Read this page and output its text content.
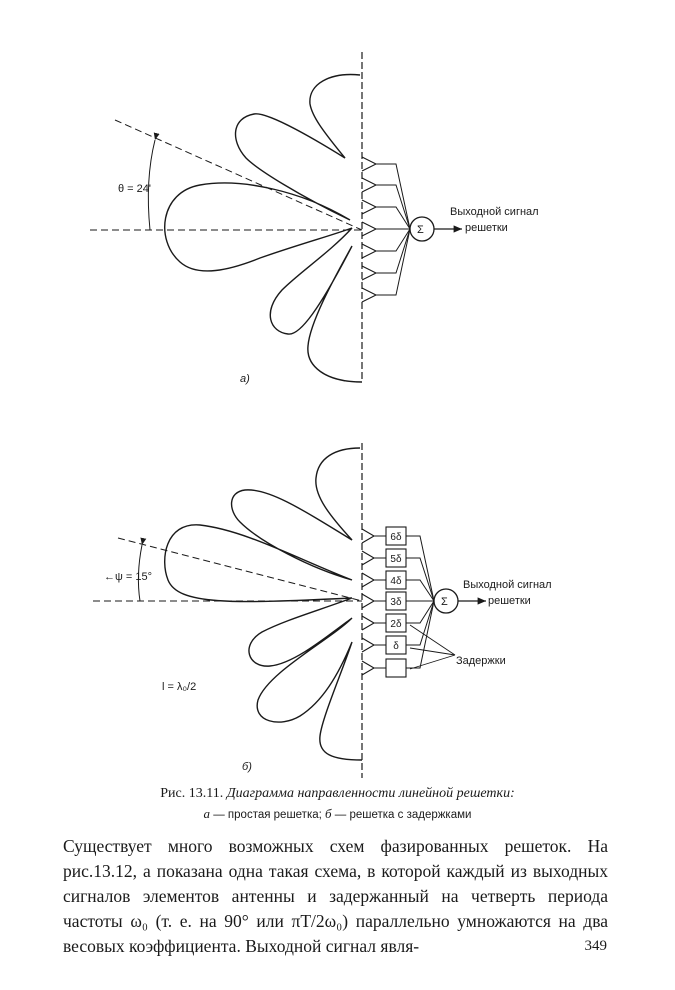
θ = 24'
Σ
Выходной сигнал
решетки
a)
←ψ = 15°
6δ
5δ
4δ
3δ
2δ
δ
Σ
Выходной сигнал
решетки
Задержки
l = λ₀/2
б)
Рис. 13.11. Диаграмма направленности линейной решетки:
а — простая решетка; б — решетка с задержками

Существует много возможных схем фазированных решеток. На рис.13.12, а показана одна такая схема, в которой каждый из выходных сигналов элементов антенны и задержанный на четверть периода частоты ω₀ (т. е. на 90° или πT/2ω₀) параллельно умножаются на два весовых коэффициента. Выходной сигнал явля-	349
